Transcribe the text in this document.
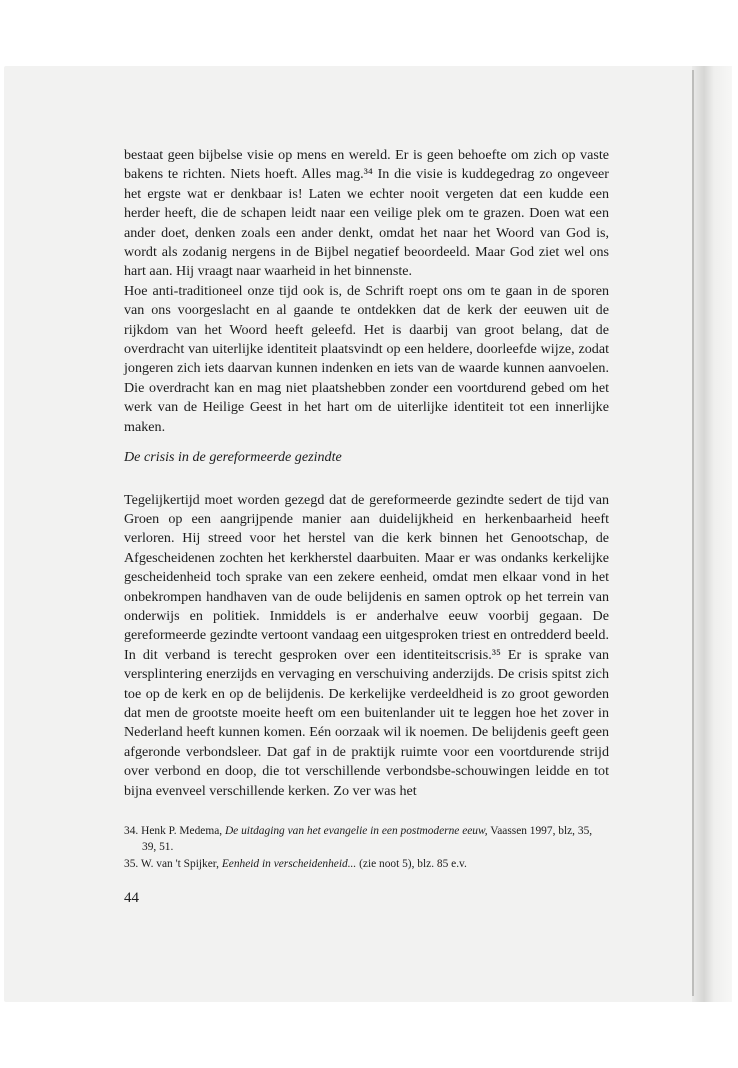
bestaat geen bijbelse visie op mens en wereld. Er is geen behoefte om zich op vaste bakens te richten. Niets hoeft. Alles mag.³⁴ In die visie is kuddegedrag zo ongeveer het ergste wat er denkbaar is! Laten we echter nooit vergeten dat een kudde een herder heeft, die de schapen leidt naar een veilige plek om te grazen. Doen wat een ander doet, denken zoals een ander denkt, omdat het naar het Woord van God is, wordt als zodanig nergens in de Bijbel negatief beoordeeld. Maar God ziet wel ons hart aan. Hij vraagt naar waarheid in het binnenste.

Hoe anti-traditioneel onze tijd ook is, de Schrift roept ons om te gaan in de sporen van ons voorgeslacht en al gaande te ontdekken dat de kerk der eeuwen uit de rijkdom van het Woord heeft geleefd. Het is daarbij van groot belang, dat de overdracht van uiterlijke identiteit plaatsvindt op een heldere, doorleefde wijze, zodat jongeren zich iets daarvan kunnen indenken en iets van de waarde kunnen aanvoelen. Die overdracht kan en mag niet plaatshebben zonder een voortdurend gebed om het werk van de Heilige Geest in het hart om de uiterlijke identiteit tot een innerlijke maken.

De crisis in de gereformeerde gezindte

Tegelijkertijd moet worden gezegd dat de gereformeerde gezindte sedert de tijd van Groen op een aangrijpende manier aan duidelijkheid en herkenbaarheid heeft verloren. Hij streed voor het herstel van die kerk binnen het Genootschap, de Afgescheidenen zochten het kerkherstel daarbuiten. Maar er was ondanks kerkelijke gescheidenheid toch sprake van een zekere eenheid, omdat men elkaar vond in het onbekrompen handhaven van de oude belijdenis en samen optrok op het terrein van onderwijs en politiek. Inmiddels is er anderhalve eeuw voorbij gegaan. De gereformeerde gezindte vertoont vandaag een uitgesproken triest en ontredderd beeld. In dit verband is terecht gesproken over een identiteitscrisis.³⁵ Er is sprake van versplintering enerzijds en vervaging en verschuiving anderzijds. De crisis spitst zich toe op de kerk en op de belijdenis. De kerkelijke verdeeldheid is zo groot geworden dat men de grootste moeite heeft om een buitenlander uit te leggen hoe het zover in Nederland heeft kunnen komen. Eén oorzaak wil ik noemen. De belijdenis geeft geen afgeronde verbondsleer. Dat gaf in de praktijk ruimte voor een voortdurende strijd over verbond en doop, die tot verschillende verbondsbe-schouwingen leidde en tot bijna evenveel verschillende kerken. Zo ver was het

34. Henk P. Medema, De uitdaging van het evangelie in een postmoderne eeuw, Vaassen 1997, blz, 35, 39, 51.

35. W. van 't Spijker, Eenheid in verscheidenheid... (zie noot 5), blz. 85 e.v.

44
